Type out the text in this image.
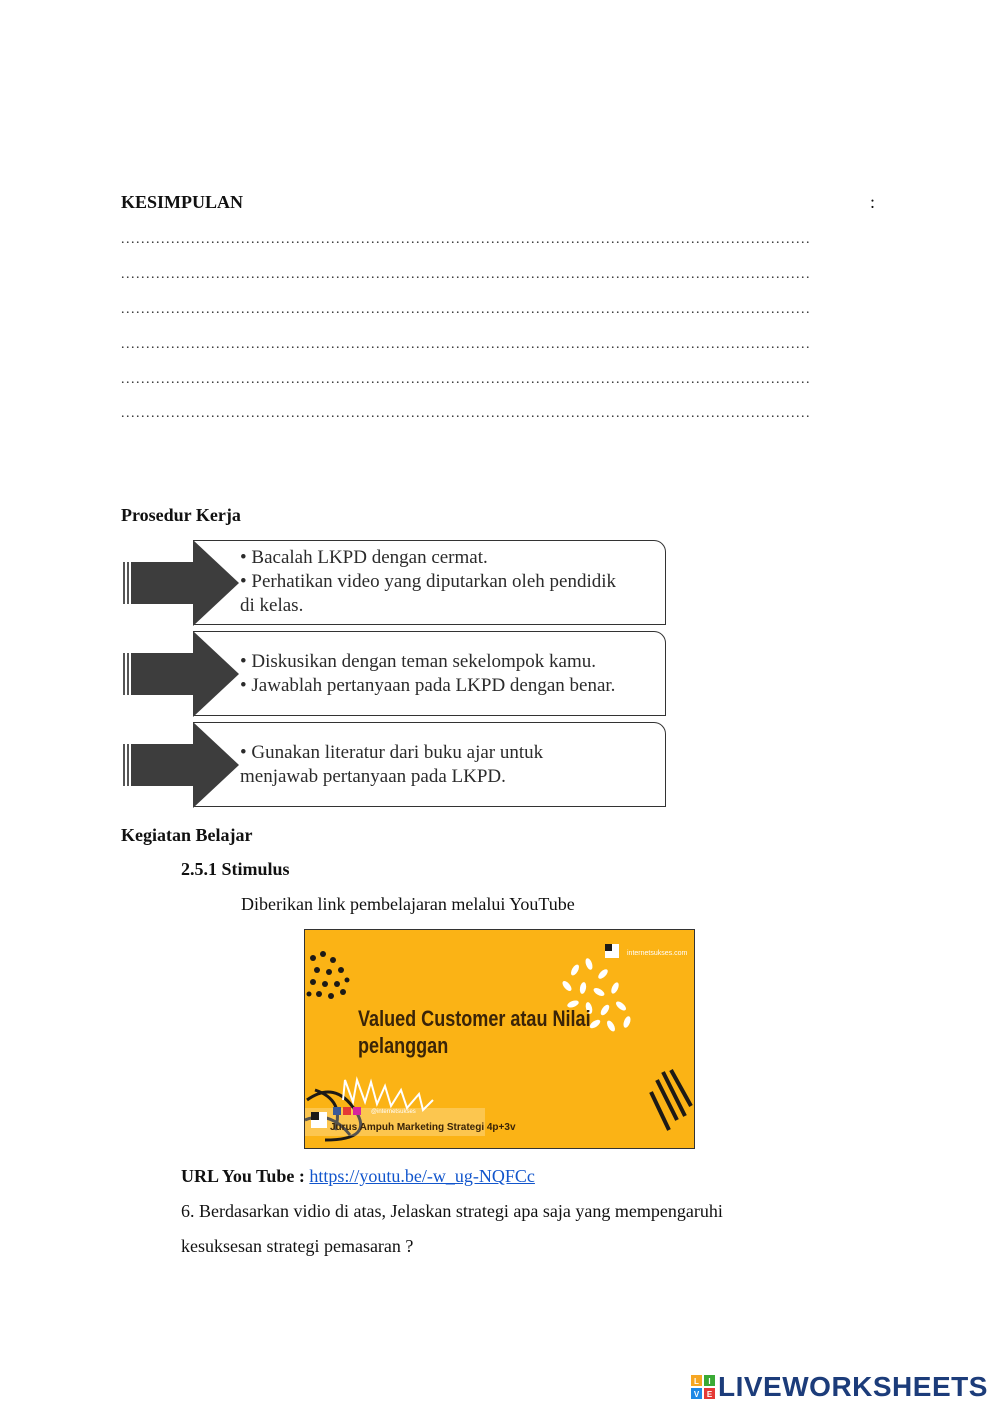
KESIMPULAN	:
..........................................................................................................................................
..........................................................................................................................................
..........................................................................................................................................
..........................................................................................................................................
..........................................................................................................................................
..........................................................................................................................................
Prosedur Kerja
• Bacalah LKPD dengan cermat.
• Perhatikan video yang diputarkan oleh pendidik
di kelas.
• Diskusikan dengan teman sekelompok kamu.
• Jawablah pertanyaan pada LKPD dengan benar.
• Gunakan literatur dari buku ajar untuk
menjawab pertanyaan pada LKPD.
Kegiatan Belajar
2.5.1 Stimulus
Diberikan link pembelajaran melalui YouTube
internetsukses.com
Valued Customer atau Nilai
pelanggan
@internetsukses
Jurus Ampuh Marketing Strategi 4p+3v
URL You Tube : https://youtu.be/-w_ug-NQFCc
6. Berdasarkan vidio di atas, Jelaskan strategi apa saja yang mempengaruhi
kesuksesan strategi pemasaran ?
L I
V E LIVEWORKSHEETS
